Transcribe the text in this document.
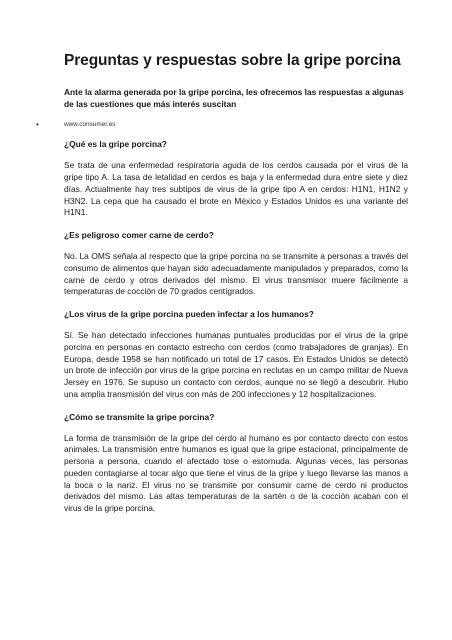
Preguntas y respuestas sobre la gripe porcina

Ante la alarma generada por la gripe porcina, les ofrecemos las respuestas a algunas de las cuestiones que más interés suscitan

•	www.consumer.es
¿Qué es la gripe porcina?

Se trata de una enfermedad respiratoria aguda de los cerdos causada por el virus de la gripe tipo A. La tasa de letalidad en cerdos es baja y la enfermedad dura entre siete y diez días. Actualmente hay tres subtipos de virus de la gripe tipo A en cerdos: H1N1, H1N2 y H3N2. La cepa que ha causado el brote en México y Estados Unidos es una variante del H1N1.

¿Es peligroso comer carne de cerdo?

No. La OMS señala al respecto que la gripe porcina no se transmite a personas a través del consumo de alimentos que hayan sido adecuadamente manipulados y preparados, como la carne de cerdo y otros derivados del mismo. El virus transmisor muere fácilmente a temperaturas de cocción de 70 grados centígrados.

¿Los virus de la gripe porcina pueden infectar a los humanos?

Sí. Se han detectado infecciones humanas puntuales producidas por el virus de la gripe porcina en personas en contacto estrecho con cerdos (como trabajadores de granjas). En Europa, desde 1958 se han notificado un total de 17 casos. En Estados Unidos se detectó un brote de infección por virus de la gripe porcina en reclutas en un campo militar de Nueva Jersey en 1976. Se supuso un contacto con cerdos, aunque no se llegó a descubrir. Hubo una amplia transmisión del virus con más de 200 infecciones y 12 hospitalizaciones.

¿Cómo se transmite la gripe porcina?

La forma de transmisión de la gripe del cerdo al humano es por contacto directo con estos animales. La transmisión entre humanos es igual que la gripe estacional, principalmente de persona a persona, cuando el afectado tose o estornuda. Algunas veces, las personas pueden contagiarse al tocar algo que tiene el virus de la gripe y luego llevarse las manos a la boca o la nariz. El virus no se transmite por consumir carne de cerdo ni productos derivados del mismo. Las altas temperaturas de la sartén o de la cocción acaban con el virus de la gripe porcina.
